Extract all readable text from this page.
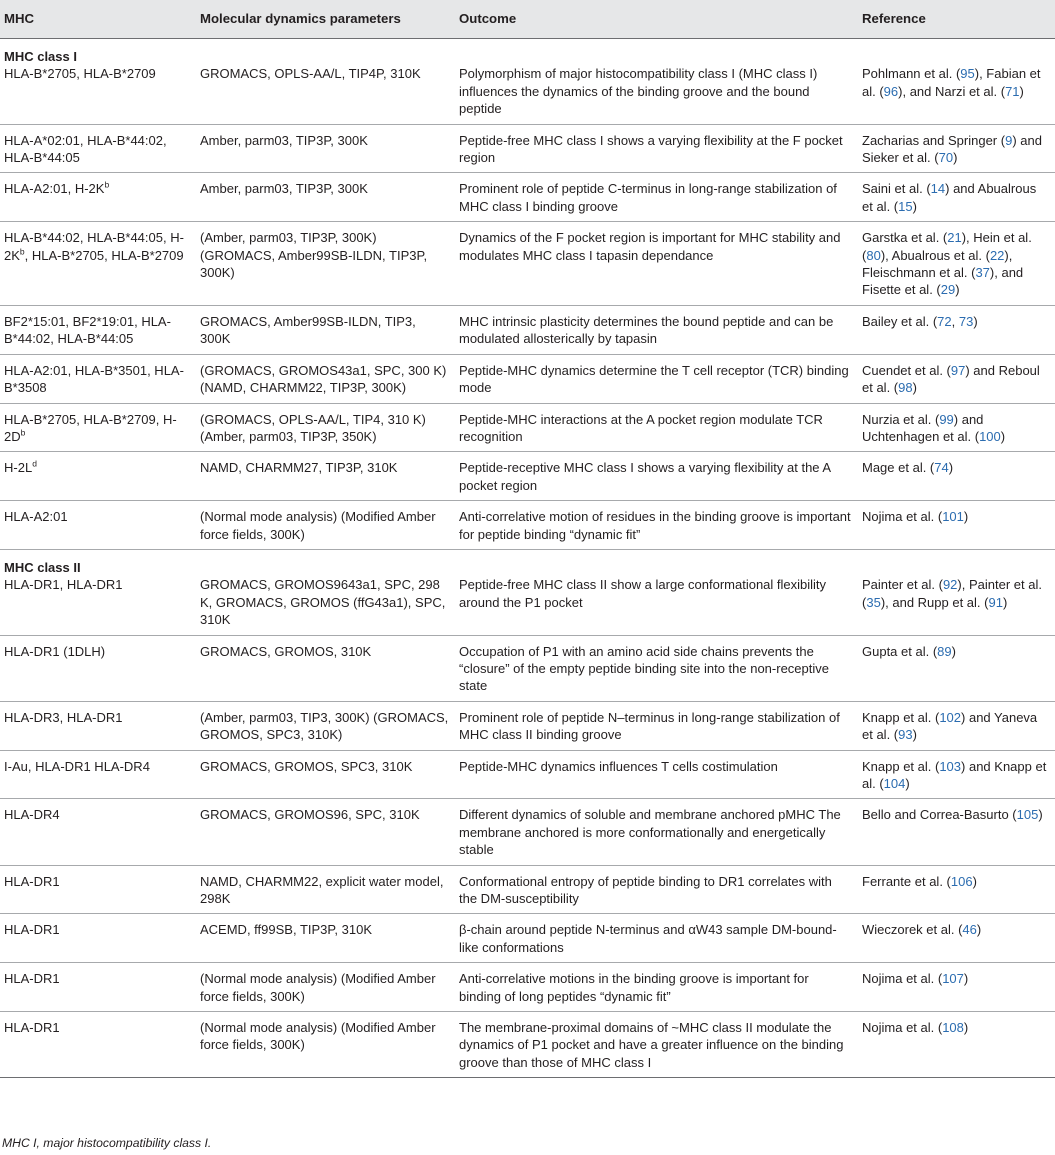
MHC	Molecular dynamics parameters	Outcome	Reference
MHC class I			
HLA-B*2705, HLA-B*2709	GROMACS, OPLS-AA/L, TIP4P, 310K	Polymorphism of major histocompatibility class I (MHC class I) influences the dynamics of the binding groove and the bound peptide	Pohlmann et al. (95), Fabian et al. (96), and Narzi et al. (71)
HLA-A*02:01, HLA-B*44:02, HLA-B*44:05	Amber, parm03, TIP3P, 300K	Peptide-free MHC class I shows a varying flexibility at the F pocket region	Zacharias and Springer (9) and Sieker et al. (70)
HLA-A2:01, $H-2K^b$	Amber, parm03, TIP3P, 300K	Prominent role of peptide C-terminus in long-range stabilization of MHC class I binding groove	Saini et al. (14) and Abualrous et al. (15)
HLA-B*44:02, HLA-B*44:05, $H-2K^b$, HLA-B*2705, HLA-B*2709	(Amber, parm03, TIP3P, 300K) (GROMACS, Amber99SB-ILDN, TIP3P, 300K)	Dynamics of the F pocket region is important for MHC stability and modulates MHC class I tapasin dependance	Garstka et al. (21), Hein et al. (80), Abualrous et al. (22), Fleischmann et al. (37), and Fisette et al. (29)
BF2*15:01, BF2*19:01, HLA-B*44:02, HLA-B*44:05	GROMACS, Amber99SB-ILDN, TIP3, 300K	MHC intrinsic plasticity determines the bound peptide and can be modulated allosterically by tapasin	Bailey et al. (72, 73)
HLA-A2:01, HLA-B*3501, HLA-B*3508	(GROMACS, GROMOS43a1, SPC, 300 K) (NAMD, CHARMM22, TIP3P, 300K)	Peptide-MHC dynamics determine the T cell receptor (TCR) binding mode	Cuendet et al. (97) and Reboul et al. (98)
HLA-B*2705, HLA-B*2709, $H-2D^b$	(GROMACS, OPLS-AA/L, TIP4, 310 K) (Amber, parm03, TIP3P, 350K)	Peptide-MHC interactions at the A pocket region modulate TCR recognition	Nurzia et al. (99) and Uchtenhagen et al. (100)
$H-2L^d$	NAMD, CHARMM27, TIP3P, 310K	Peptide-receptive MHC class I shows a varying flexibility at the A pocket region	Mage et al. (74)
HLA-A2:01	(Normal mode analysis) (Modified Amber force fields, 300K)	Anti-correlative motion of residues in the binding groove is important for peptide binding “dynamic fit”	Nojima et al. (101)
MHC class II			
HLA-DR1, HLA-DR1	GROMACS, GROMOS9643a1, SPC, 298 K, GROMACS, GROMOS (ffG43a1), SPC, 310K	Peptide-free MHC class II show a large conformational flexibility around the P1 pocket	Painter et al. (92), Painter et al. (35), and Rupp et al. (91)
HLA-DR1 (1DLH)	GROMACS, GROMOS, 310K	Occupation of P1 with an amino acid side chains prevents the “closure” of the empty peptide binding site into the non-receptive state	Gupta et al. (89)
HLA-DR3, HLA-DR1	(Amber, parm03, TIP3, 300K) (GROMACS, GROMOS, SPC3, 310K)	Prominent role of peptide N–terminus in long-range stabilization of MHC class II binding groove	Knapp et al. (102) and Yaneva et al. (93)
I-Au, HLA-DR1 HLA-DR4	GROMACS, GROMOS, SPC3, 310K	Peptide-MHC dynamics influences T cells costimulation	Knapp et al. (103) and Knapp et al. (104)
HLA-DR4	GROMACS, GROMOS96, SPC, 310K	Different dynamics of soluble and membrane anchored pMHC The membrane anchored is more conformationally and energetically stable	Bello and Correa-Basurto (105)
HLA-DR1	NAMD, CHARMM22, explicit water model, 298K	Conformational entropy of peptide binding to DR1 correlates with the DM-susceptibility	Ferrante et al. (106)
HLA-DR1	ACEMD, ff99SB, TIP3P, 310K	β-chain around peptide N-terminus and αW43 sample DM-bound-like conformations	Wieczorek et al. (46)
HLA-DR1	(Normal mode analysis) (Modified Amber force fields, 300K)	Anti-correlative motions in the binding groove is important for binding of long peptides “dynamic fit”	Nojima et al. (107)
HLA-DR1	(Normal mode analysis) (Modified Amber force fields, 300K)	The membrane-proximal domains of ~MHC class II modulate the dynamics of P1 pocket and have a greater influence on the binding groove than those of MHC class I	Nojima et al. (108)
MHC I, major histocompatibility class I.
